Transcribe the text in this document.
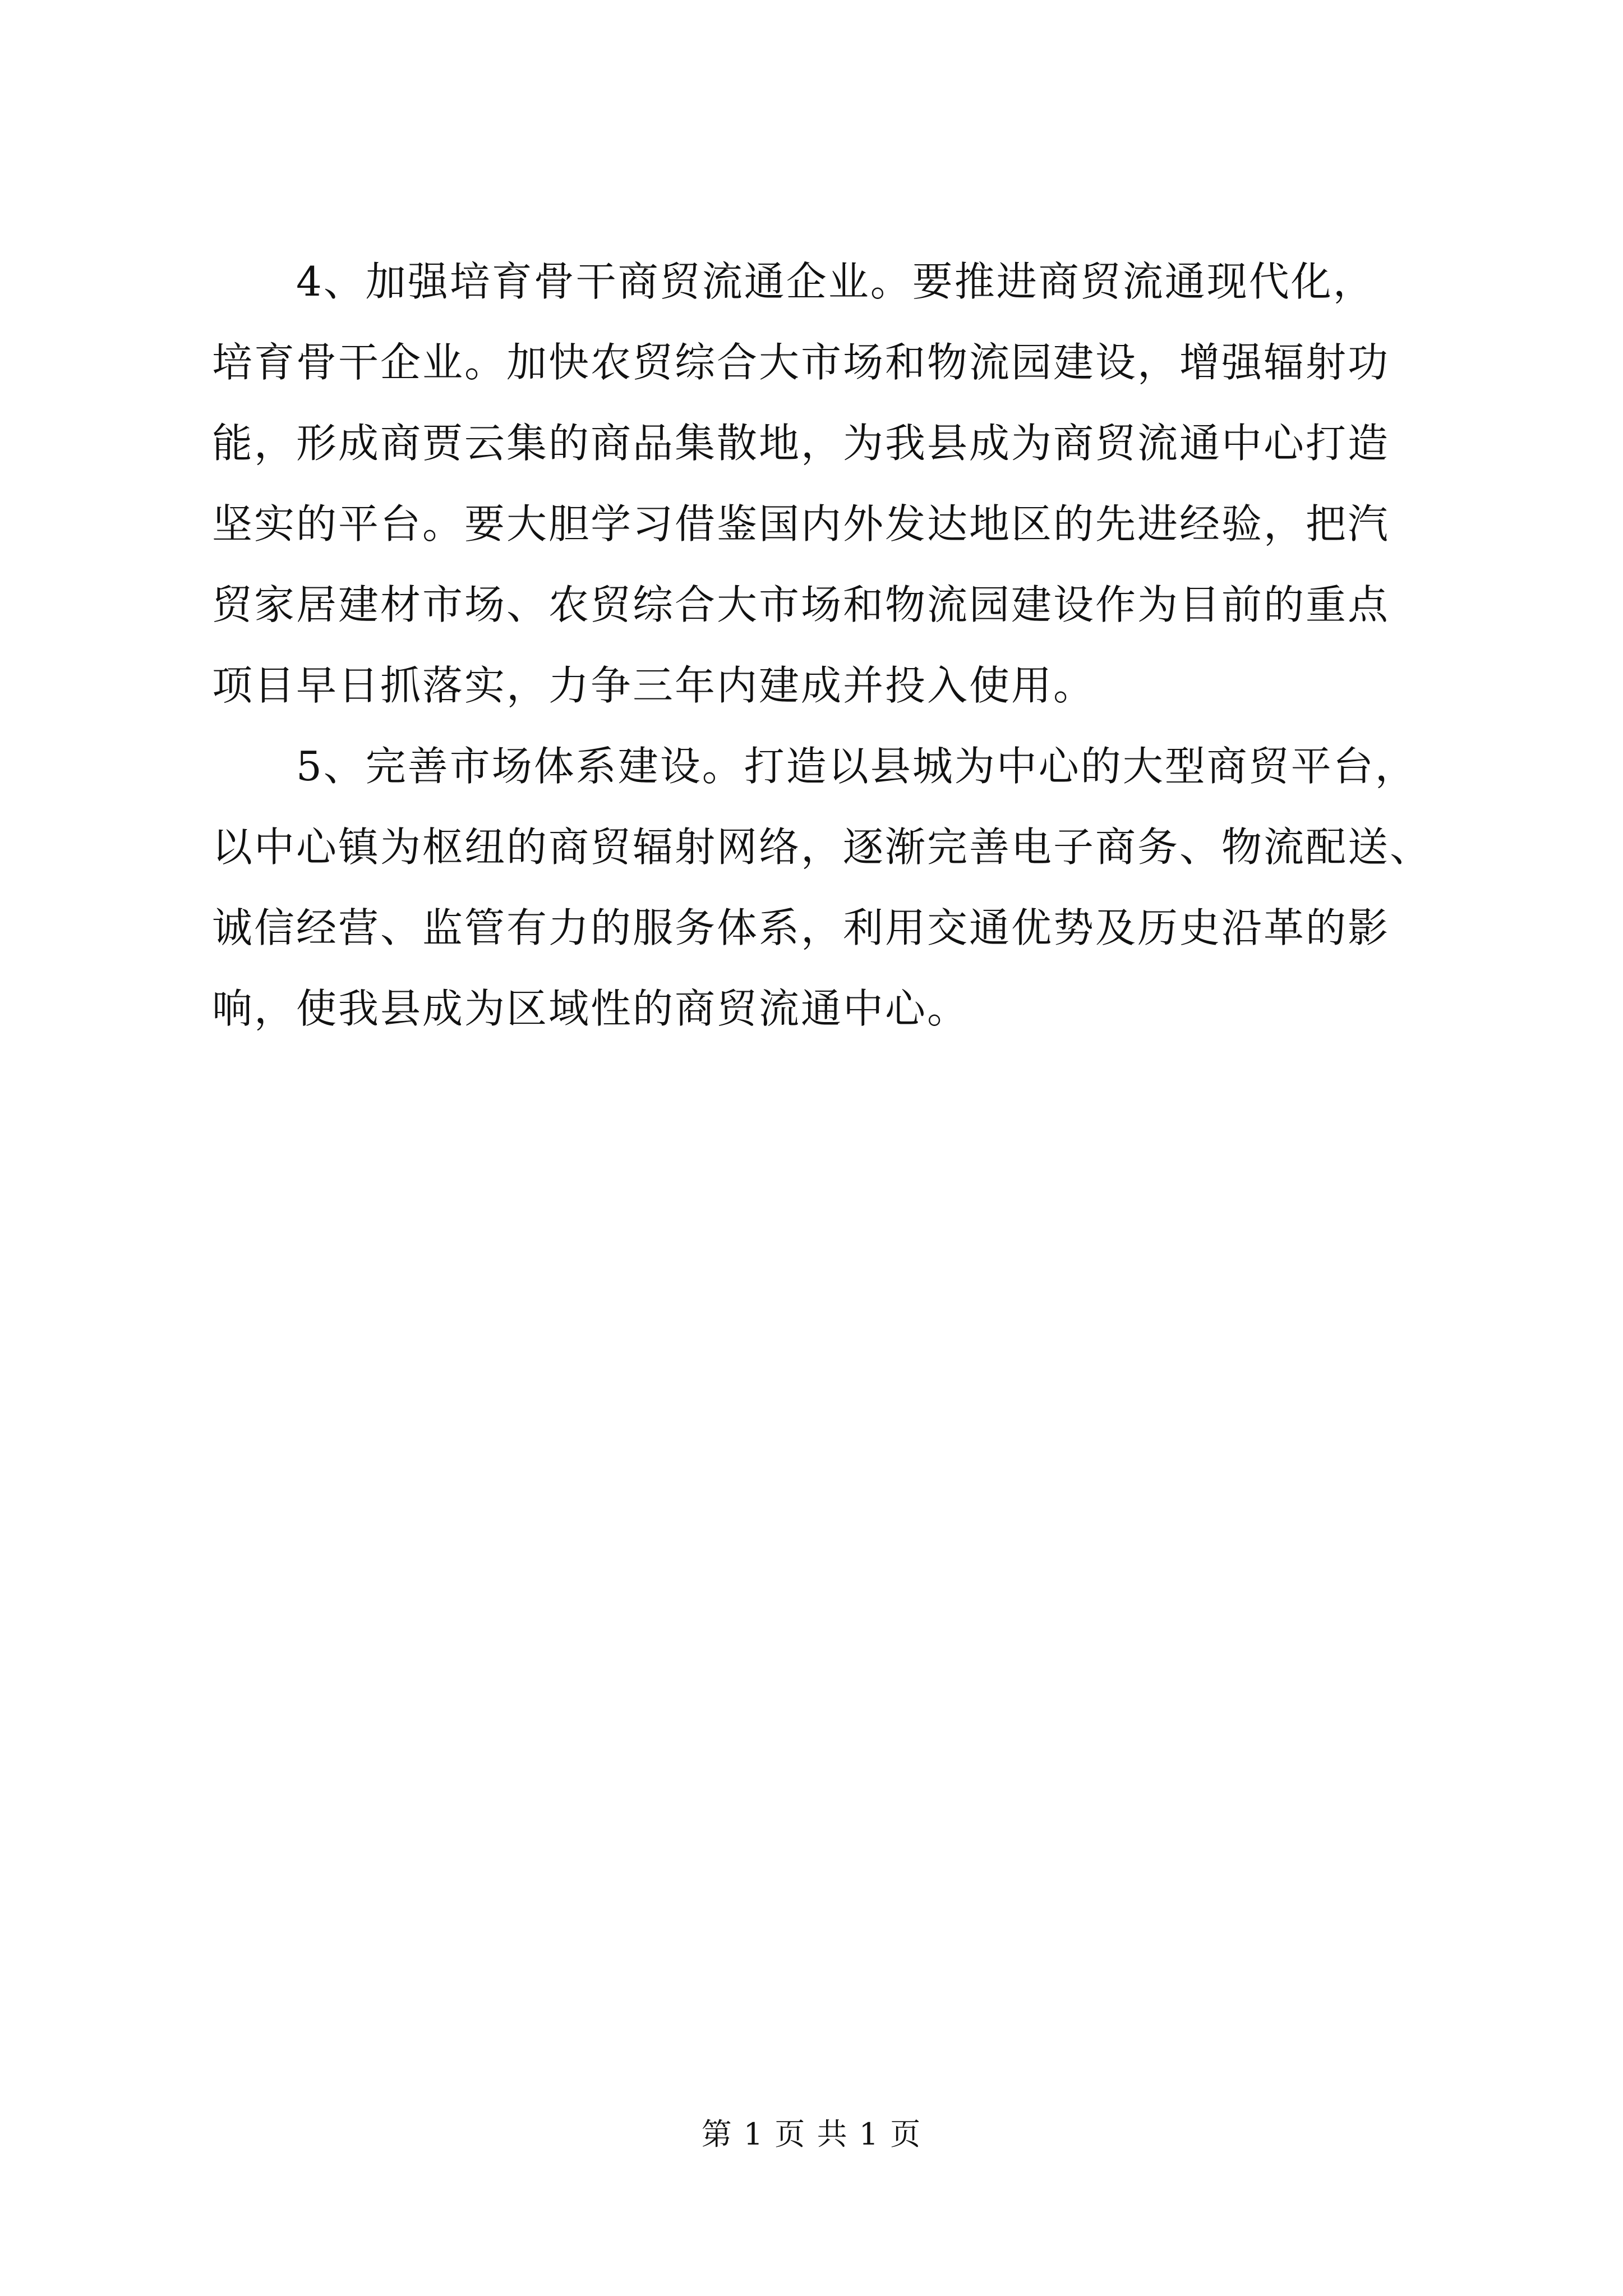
4、加强培育骨干商贸流通企业。要推进商贸流通现代化，
培育骨干企业。加快农贸综合大市场和物流园建设，增强辐射功
能，形成商贾云集的商品集散地，为我县成为商贸流通中心打造
坚实的平台。要大胆学习借鉴国内外发达地区的先进经验，把汽
贸家居建材市场、农贸综合大市场和物流园建设作为目前的重点
项目早日抓落实，力争三年内建成并投入使用。
5、完善市场体系建设。打造以县城为中心的大型商贸平台，
以中心镇为枢纽的商贸辐射网络，逐渐完善电子商务、物流配送、
诚信经营、监管有力的服务体系，利用交通优势及历史沿革的影
响，使我县成为区域性的商贸流通中心。
第 1 页 共 1 页
